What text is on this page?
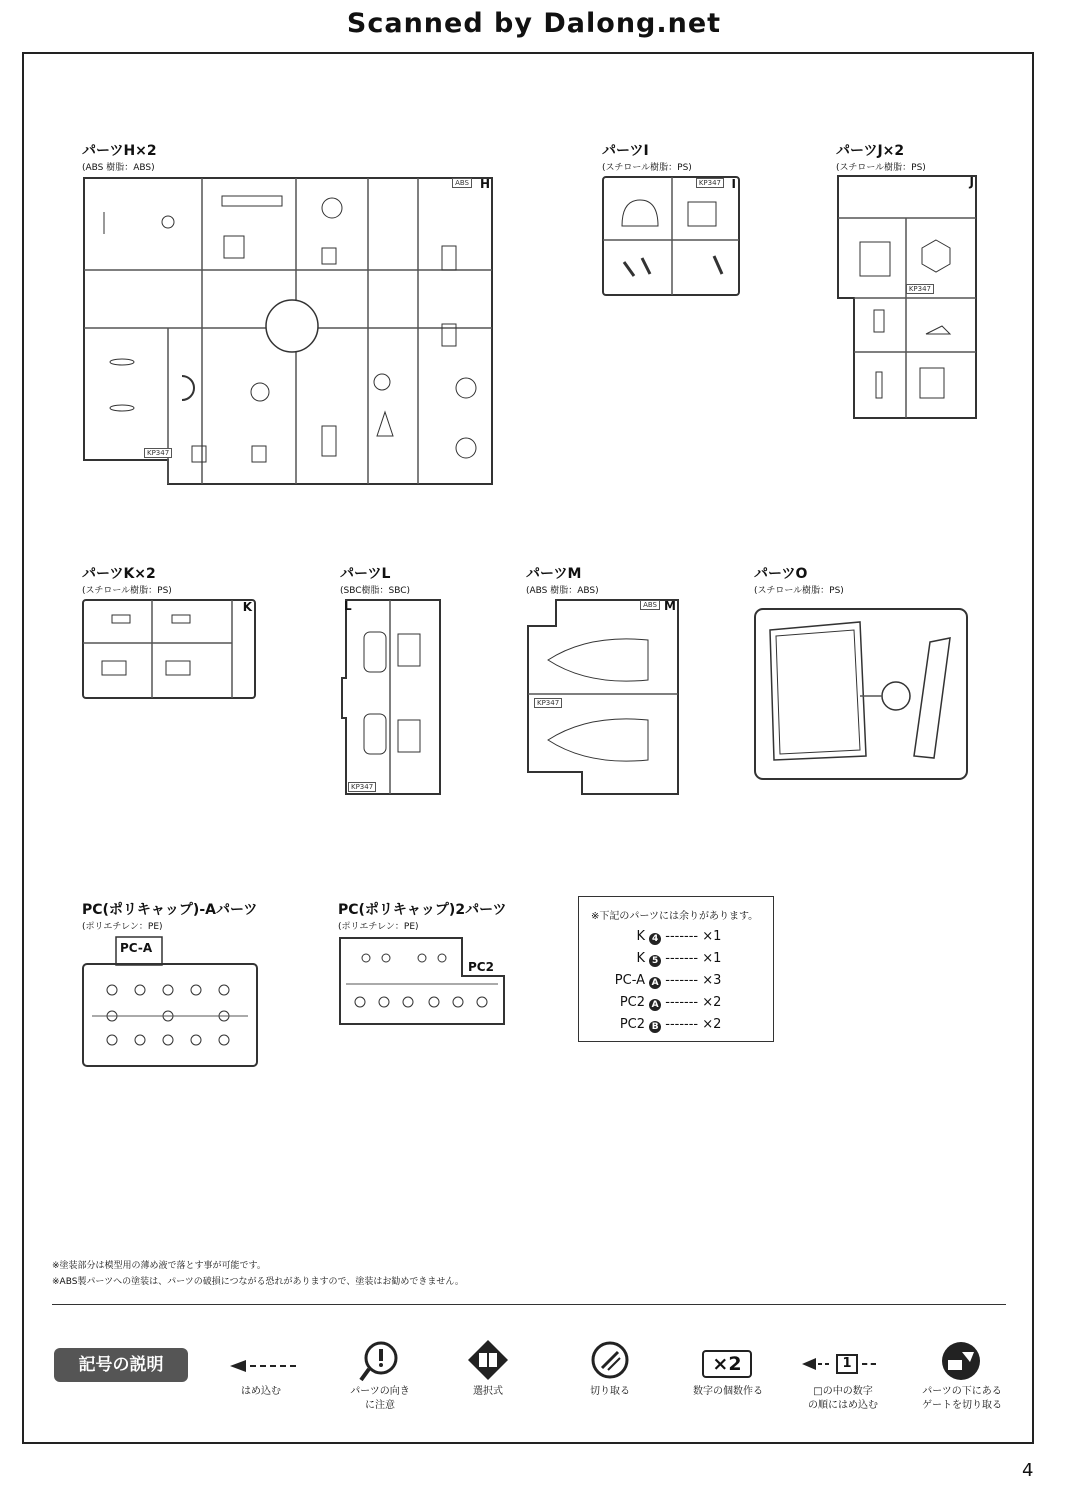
Scanned by Dalong.net
パーツH×2
(ABS 樹脂：ABS)
H
ABS
KP347
パーツI
(スチロール樹脂：PS)
I
KP347
パーツJ×2
(スチロール樹脂：PS)
J
KP347
パーツK×2
(スチロール樹脂：PS)
K
パーツL
(SBC樹脂：SBC)
L
KP347
パーツM
(ABS 樹脂：ABS)
M
ABS
KP347
パーツO
(スチロール樹脂：PS)
PC(ポリキャップ)-Aパーツ
(ポリエチレン：PE)
PC-A
PC(ポリキャップ)2パーツ
(ポリエチレン：PE)
PC2
※下記のパーツには余りがあります。
K 4 ------- ×1
K 5 ------- ×1
PC-A A ------- ×3
PC2 A ------- ×2
PC2 B ------- ×2
※塗装部分は模型用の薄め液で落とす事が可能です。
※ABS製パーツへの塗装は、パーツの破損につながる恐れがありますので、塗装はお勧めできません。
記号の説明
はめ込む	パーツの向き
に注意
選択式	切り取る
×2
数字の個数作る
1
□の中の数字
の順にはめ込む
パーツの下にある
ゲートを切り取る
4
